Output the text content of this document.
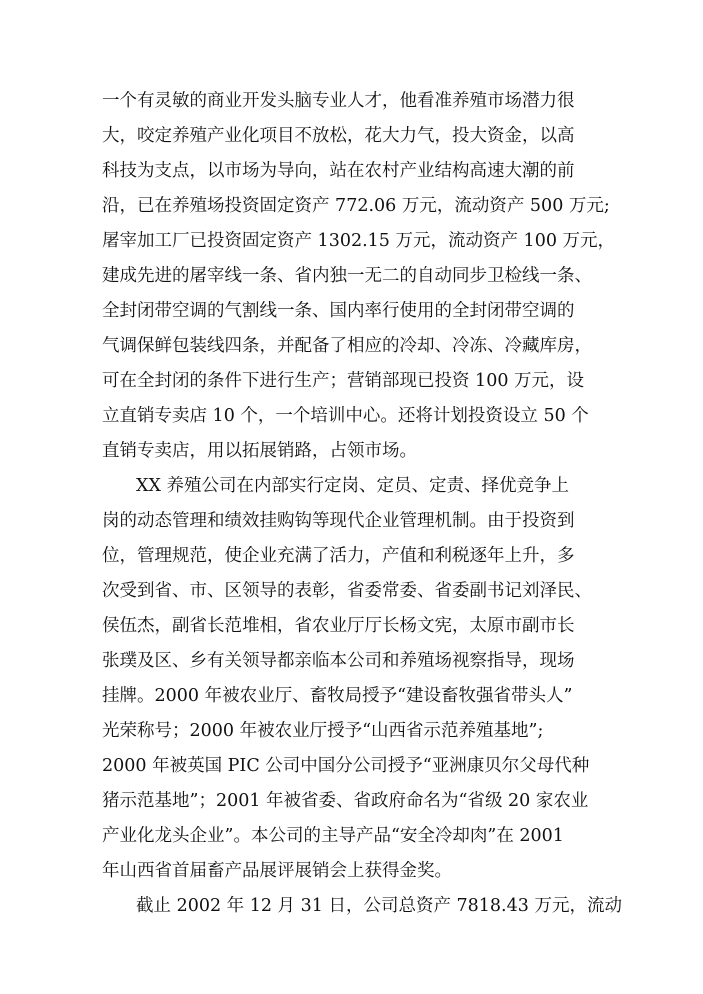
一个有灵敏的商业开发头脑专业人才，他看准养殖市场潜力很
大，咬定养殖产业化项目不放松，花大力气，投大资金，以高
科技为支点，以市场为导向，站在农村产业结构高速大潮的前
沿，已在养殖场投资固定资产 772.06 万元，流动资产 500 万元;
屠宰加工厂已投资固定资产 1302.15 万元，流动资产 100 万元，
建成先进的屠宰线一条、省内独一无二的自动同步卫检线一条、
全封闭带空调的气割线一条、国内率行使用的全封闭带空调的
气调保鲜包装线四条，并配备了相应的冷却、冷冻、冷藏库房，
可在全封闭的条件下进行生产；营销部现已投资 100 万元，设
立直销专卖店 10 个，一个培训中心。还将计划投资设立 50 个
直销专卖店，用以拓展销路，占领市场。
XX 养殖公司在内部实行定岗、定员、定责、择优竞争上
岗的动态管理和绩效挂购钩等现代企业管理机制。由于投资到
位，管理规范，使企业充满了活力，产值和利税逐年上升，多
次受到省、市、区领导的表彰，省委常委、省委副书记刘泽民、
侯伍杰，副省长范堆相，省农业厅厅长杨文宪，太原市副市长
张璞及区、乡有关领导都亲临本公司和养殖场视察指导，现场
挂牌。2000 年被农业厅、畜牧局授予“建设畜牧强省带头人”
光荣称号；2000 年被农业厅授予“山西省示范养殖基地”;
2000 年被英国 PIC 公司中国分公司授予“亚洲康贝尔父母代种
猪示范基地”；2001 年被省委、省政府命名为“省级 20 家农业
产业化龙头企业”。本公司的主导产品“安全冷却肉”在 2001
年山西省首届畜产品展评展销会上获得金奖。
截止 2002 年 12 月 31 日，公司总资产 7818.43 万元，流动
